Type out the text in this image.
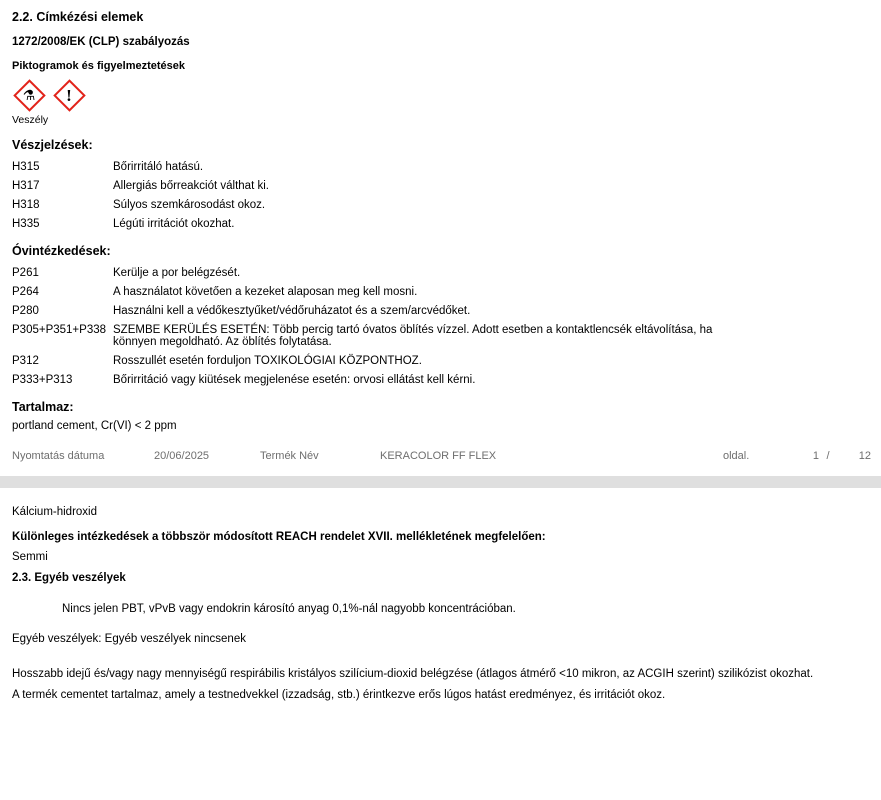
2.2. Címkézési elemek
1272/2008/EK (CLP) szabályozás
Piktogramok és figyelmeztetések
⚗	!
Veszély
Vészjelzések:
H315	Bőrirritáló hatású.
H317	Allergiás bőrreakciót válthat ki.
H318	Súlyos szemkárosodást okoz.
H335	Légúti irritációt okozhat.
Óvintézkedések:
P261	Kerülje a por belégzését.
P264	A használatot követően a kezeket alaposan meg kell mosni.
P280	Használni kell a védőkesztyűket/védőruházatot és a szem/arcvédőket.
P305+P351+P338	SZEMBE KERÜLÉS ESETÉN: Több percig tartó óvatos öblítés vízzel. Adott esetben a kontaktlencsék eltávolítása, ha könnyen megoldható. Az öblítés folytatása.
P312	Rosszullét esetén forduljon TOXIKOLÓGIAI KÖZPONTHOZ.
P333+P313	Bőrirritáció vagy kiütések megjelenése esetén: orvosi ellátást kell kérni.
Tartalmaz:
portland cement, Cr(VI) < 2 ppm
Nyomtatás dátuma	20/06/2025	Termék Név	KERACOLOR FF FLEX	oldal.	1 /	12
Kálcium-hidroxid
Különleges intézkedések a többször módosított REACH rendelet XVII. mellékletének megfelelően:
Semmi
2.3. Egyéb veszélyek
Nincs jelen PBT, vPvB vagy endokrin károsító anyag 0,1%-nál nagyobb koncentrációban.
Egyéb veszélyek: Egyéb veszélyek nincsenek
Hosszabb idejű és/vagy nagy mennyiségű respirábilis kristályos szilícium-dioxid belégzése (átlagos átmérő <10 mikron, az ACGIH szerint) szilikózist okozhat.
A termék cementet tartalmaz, amely a testnedvekkel (izzadság, stb.) érintkezve erős lúgos hatást eredményez, és irritációt okoz.
